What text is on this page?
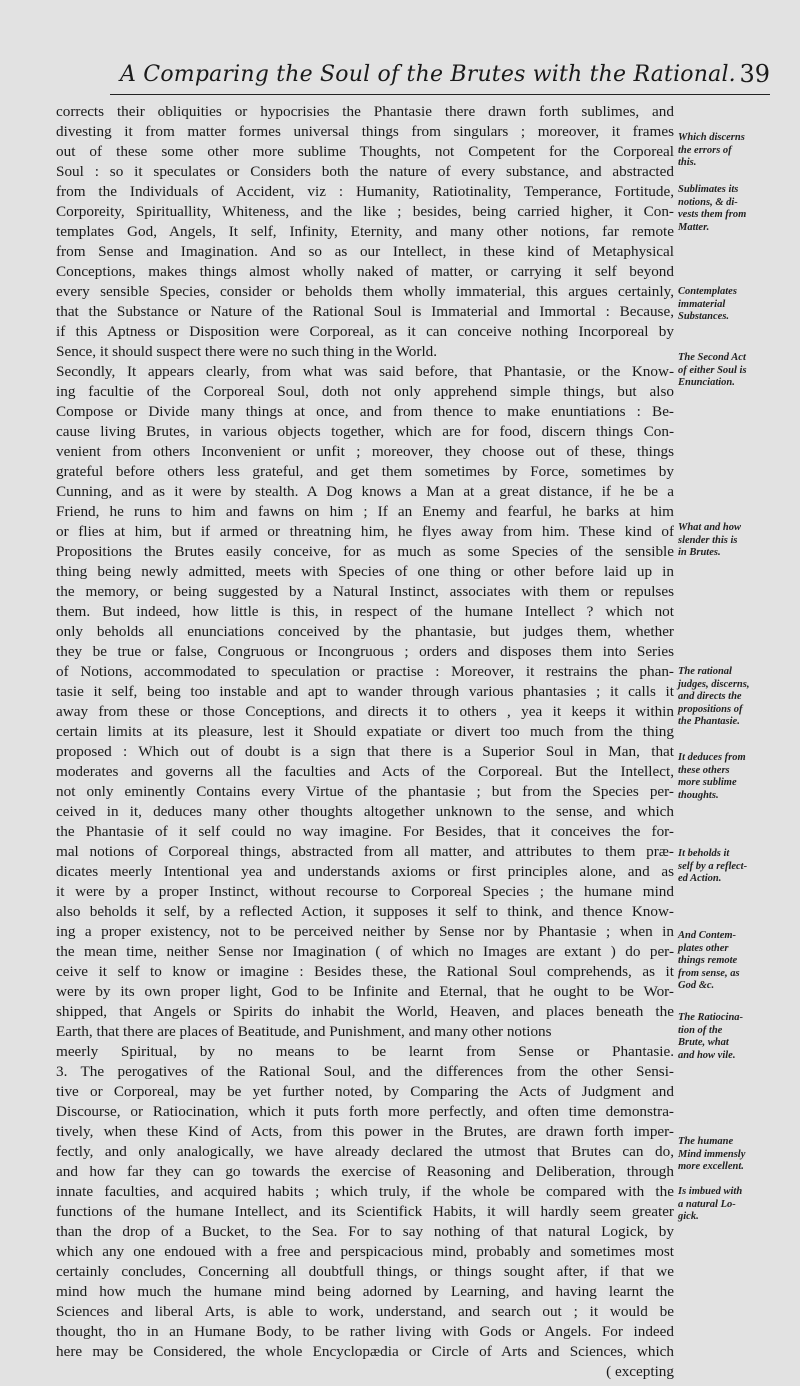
A Comparing the Soul of the Brutes with the Rational. 39
corrects their obliquities or hypocrisies the Phantasie there drawn forth sublimes, and
divesting it from matter formes universal things from singulars ; moreover, it frames
out of these some other more sublime Thoughts, not Competent for the Corporeal
Soul : so it speculates or Considers both the nature of every substance, and abstracted
from the Individuals of Accident, viz : Humanity, Ratiotinality, Temperance, Fortitude,
Corporeity, Spirituallity, Whiteness, and the like ; besides, being carried higher, it Con-
templates God, Angels, It self, Infinity, Eternity, and many other notions, far remote
from Sense and Imagination. And so as our Intellect, in these kind of Metaphysical
Conceptions, makes things almost wholly naked of matter, or carrying it self beyond
every sensible Species, consider or beholds them wholly immaterial, this argues certainly,
that the Substance or Nature of the Rational Soul is Immaterial and Immortal : Because,
if this Aptness or Disposition were Corporeal, as it can conceive nothing Incorporeal by
Sence, it should suspect there were no such thing in the World.
Secondly, It appears clearly, from what was said before, that Phantasie, or the Know-
ing facultie of the Corporeal Soul, doth not only apprehend simple things, but also
Compose or Divide many things at once, and from thence to make enuntiations : Be-
cause living Brutes, in various objects together, which are for food, discern things Con-
venient from others Inconvenient or unfit ; moreover, they choose out of these, things
grateful before others less grateful, and get them sometimes by Force, sometimes by
Cunning, and as it were by stealth. A Dog knows a Man at a great distance, if he be a
Friend, he runs to him and fawns on him ; If an Enemy and fearful, he barks at him
or flies at him, but if armed or threatning him, he flyes away from him. These kind of
Propositions the Brutes easily conceive, for as much as some Species of the sensible
thing being newly admitted, meets with Species of one thing or other before laid up in
the memory, or being suggested by a Natural Instinct, associates with them or repulses
them. But indeed, how little is this, in respect of the humane Intellect ? which not
only beholds all enunciations conceived by the phantasie, but judges them, whether
they be true or false, Congruous or Incongruous ; orders and disposes them into Series
of Notions, accommodated to speculation or practise : Moreover, it restrains the phan-
tasie it self, being too instable and apt to wander through various phantasies ; it calls it
away from these or those Conceptions, and directs it to others , yea it keeps it within
certain limits at its pleasure, lest it Should expatiate or divert too much from the thing
proposed : Which out of doubt is a sign that there is a Superior Soul in Man, that
moderates and governs all the faculties and Acts of the Corporeal. But the Intellect,
not only eminently Contains every Virtue of the phantasie ; but from the Species per-
ceived in it, deduces many other thoughts altogether unknown to the sense, and which
the Phantasie of it self could no way imagine. For Besides, that it conceives the for-
mal notions of Corporeal things, abstracted from all matter, and attributes to them præ-
dicates meerly Intentional yea and understands axioms or first principles alone, and as
it were by a proper Instinct, without recourse to Corporeal Species ; the humane mind
also beholds it self, by a reflected Action, it supposes it self to think, and thence Know-
ing a proper existency, not to be perceived neither by Sense nor by Phantasie ; when in
the mean time, neither Sense nor Imagination ( of which no Images are extant ) do per-
ceive it self to know or imagine : Besides these, the Rational Soul comprehends, as it
were by its own proper light, God to be Infinite and Eternal, that he ought to be Wor-
shipped, that Angels or Spirits do inhabit the World, Heaven, and places beneath the
Earth, that there are places of Beatitude, and Punishment, and many other notions
meerly Spiritual, by no means to be learnt from Sense or Phantasie.
3. The perogatives of the Rational Soul, and the differences from the other Sensi-
tive or Corporeal, may be yet further noted, by Comparing the Acts of Judgment and
Discourse, or Ratiocination, which it puts forth more perfectly, and often time demonstra-
tively, when these Kind of Acts, from this power in the Brutes, are drawn forth imper-
fectly, and only analogically, we have already declared the utmost that Brutes can do,
and how far they can go towards the exercise of Reasoning and Deliberation, through
innate faculties, and acquired habits ; which truly, if the whole be compared with the
functions of the humane Intellect, and its Scientifick Habits, it will hardly seem greater
than the drop of a Bucket, to the Sea. For to say nothing of that natural Logick, by
which any one endoued with a free and perspicacious mind, probably and sometimes most
certainly concludes, Concerning all doubtfull things, or things sought after, if that we
mind how much the humane mind being adorned by Learning, and having learnt the
Sciences and liberal Arts, is able to work, understand, and search out ; it would be
thought, tho in an Humane Body, to be rather living with Gods or Angels. For indeed
here may be Considered, the whole Encyclopædia or Circle of Arts and Sciences, which
( excepting
Which discerns
the errors of
this.
Sublimates its
notions, & di-
vests them from
Matter.
Contemplates
immaterial
Substances.
The Second Act
of either Soul is
Enunciation.
What and how
slender this is
in Brutes.
The rational
judges, discerns,
and directs the
propositions of
the Phantasie.
It deduces from
these others
more sublime
thoughts.
It beholds it
self by a reflect-
ed Action.
And Contem-
plates other
things remote
from sense, as
God &c.
The Ratiocina-
tion of the
Brute, what
and how vile.
The humane
Mind immensly
more excellent.
Is imbued with
a natural Lo-
gick.
